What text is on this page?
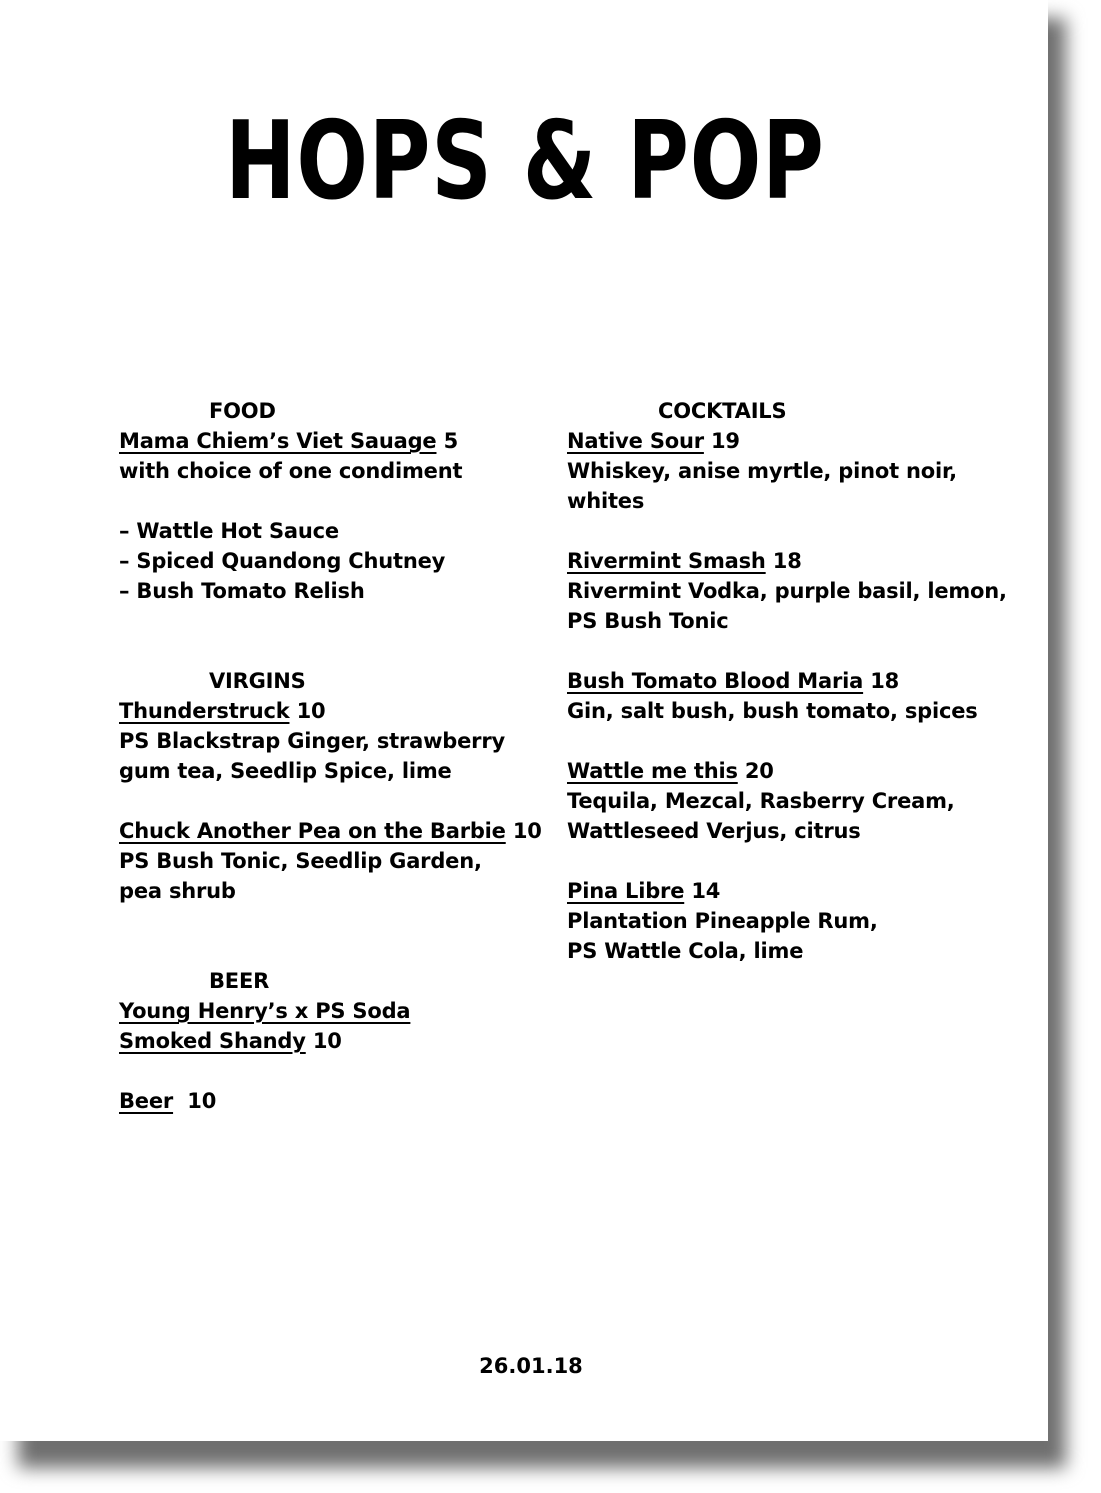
HOPS & POP
FOOD
Mama Chiem’s Viet Sauage 5
with choice of one condiment
– Wattle Hot Sauce
– Spiced Quandong Chutney
– Bush Tomato Relish
VIRGINS
Thunderstruck 10
PS Blackstrap Ginger, strawberry
gum tea, Seedlip Spice, lime
Chuck Another Pea on the Barbie 10
PS Bush Tonic, Seedlip Garden,
pea shrub
BEER
Young Henry’s x PS Soda
Smoked Shandy 10
Beer 10
COCKTAILS
Native Sour 19
Whiskey, anise myrtle, pinot noir,
whites
Rivermint Smash 18
Rivermint Vodka, purple basil, lemon,
PS Bush Tonic
Bush Tomato Blood Maria 18
Gin, salt bush, bush tomato, spices
Wattle me this 20
Tequila, Mezcal, Rasberry Cream,
Wattleseed Verjus, citrus
Pina Libre 14
Plantation Pineapple Rum,
PS Wattle Cola, lime
26.01.18
